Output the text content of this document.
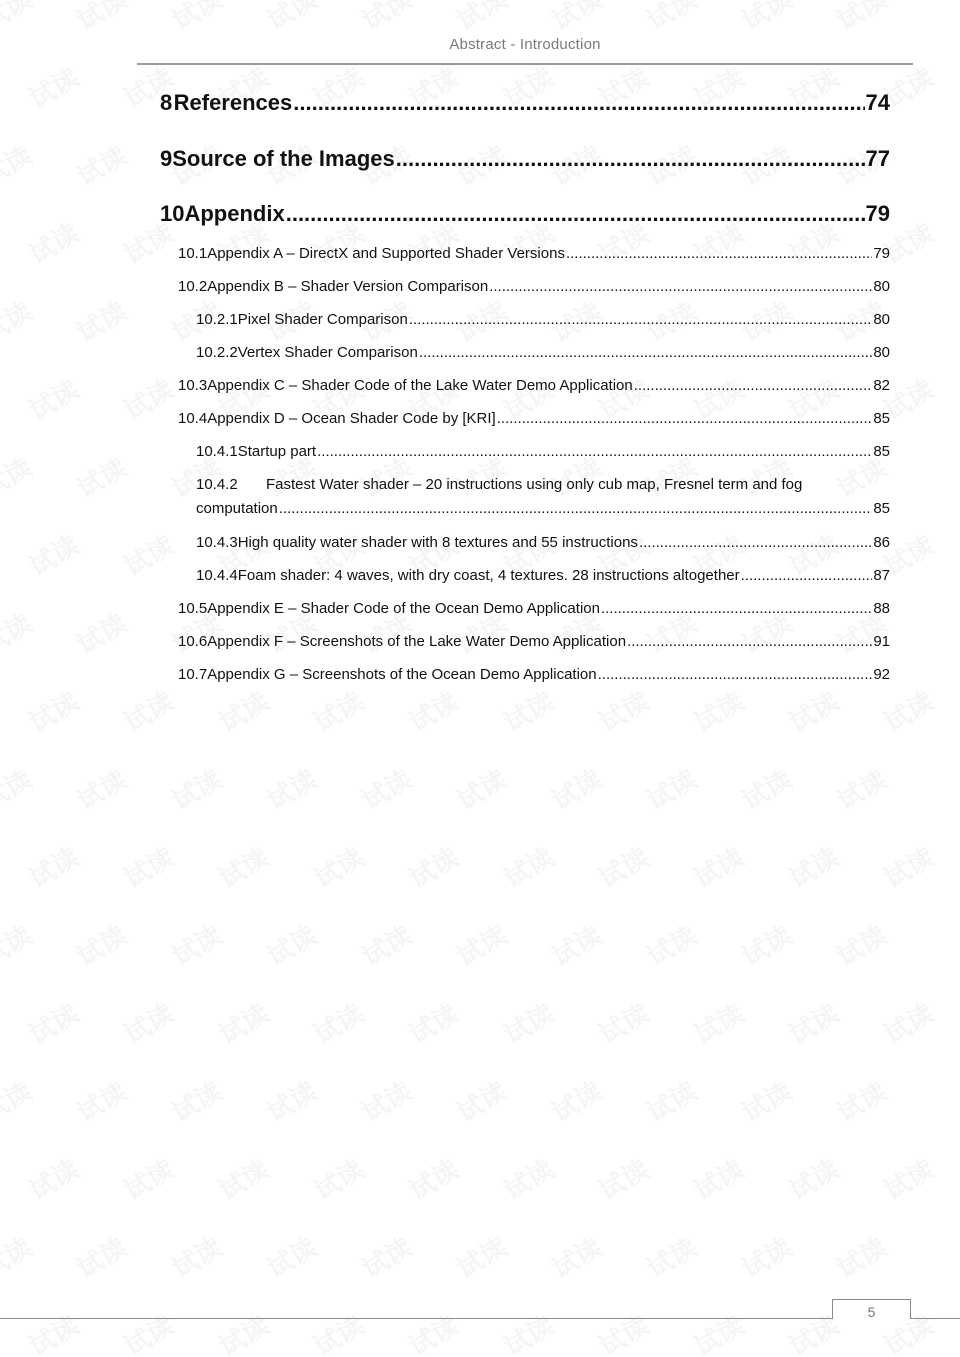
Abstract - Introduction
8 References .....	74
9 Source of the Images .....	77
10 Appendix .....	79
10.1 Appendix A – DirectX and Supported Shader Versions .....	79
10.2 Appendix B – Shader Version Comparison .....	80
10.2.1 Pixel Shader Comparison .....	80
10.2.2 Vertex Shader Comparison .....	80
10.3 Appendix C – Shader Code of the Lake Water Demo Application .....	82
10.4 Appendix D – Ocean Shader Code by [KRI] .....	85
10.4.1 Startup part .....	85
10.4.2 Fastest Water shader – 20 instructions using only cub map, Fresnel term and fog
computation .....	85
10.4.3 High quality water shader with 8 textures and 55 instructions .....	86
10.4.4 Foam shader: 4 waves, with dry coast, 4 textures. 28 instructions altogether .....	87
10.5 Appendix E – Shader Code of the Ocean Demo Application .....	88
10.6 Appendix F – Screenshots of the Lake Water Demo Application .....	91
10.7 Appendix G – Screenshots of the Ocean Demo Application .....	92
5
